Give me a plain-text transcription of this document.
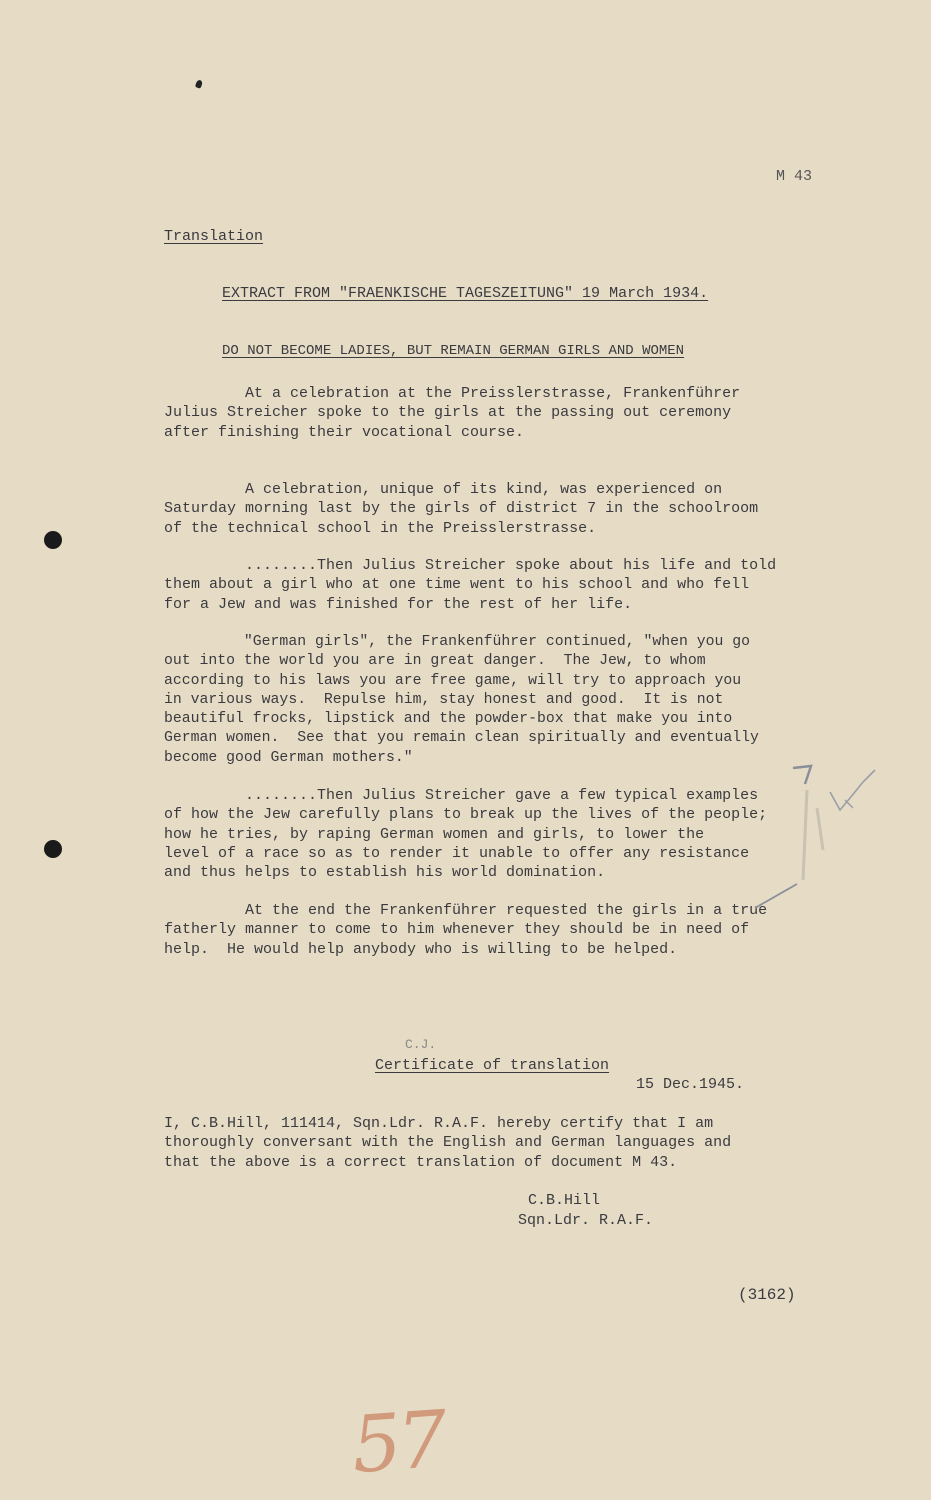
M 43
Translation
EXTRACT FROM "FRAENKISCHE TAGESZEITUNG" 19 March 1934.
DO NOT BECOME LADIES, BUT REMAIN GERMAN GIRLS AND WOMEN
At a celebration at the Preisslerstrasse, Frankenführer
Julius Streicher spoke to the girls at the passing out ceremony
after finishing their vocational course.
A celebration, unique of its kind, was experienced on
Saturday morning last by the girls of district 7 in the schoolroom
of the technical school in the Preisslerstrasse.
........Then Julius Streicher spoke about his life and told
them about a girl who at one time went to his school and who fell
for a Jew and was finished for the rest of her life.
"German girls", the Frankenführer continued, "when you go
out into the world you are in great danger.  The Jew, to whom
according to his laws you are free game, will try to approach you
in various ways.  Repulse him, stay honest and good.  It is not
beautiful frocks, lipstick and the powder-box that make you into
German women.  See that you remain clean spiritually and eventually
become good German mothers."
........Then Julius Streicher gave a few typical examples
of how the Jew carefully plans to break up the lives of the people;
how he tries, by raping German women and girls, to lower the
level of a race so as to render it unable to offer any resistance
and thus helps to establish his world domination.
At the end the Frankenführer requested the girls in a true
fatherly manner to come to him whenever they should be in need of
help.  He would help anybody who is willing to be helped.
C.J.
Certificate of translation
15 Dec.1945.
I, C.B.Hill, 111414, Sqn.Ldr. R.A.F. hereby certify that I am
thoroughly conversant with the English and German languages and
that the above is a correct translation of document M 43.
C.B.Hill
Sqn.Ldr. R.A.F.
(3162)
57
